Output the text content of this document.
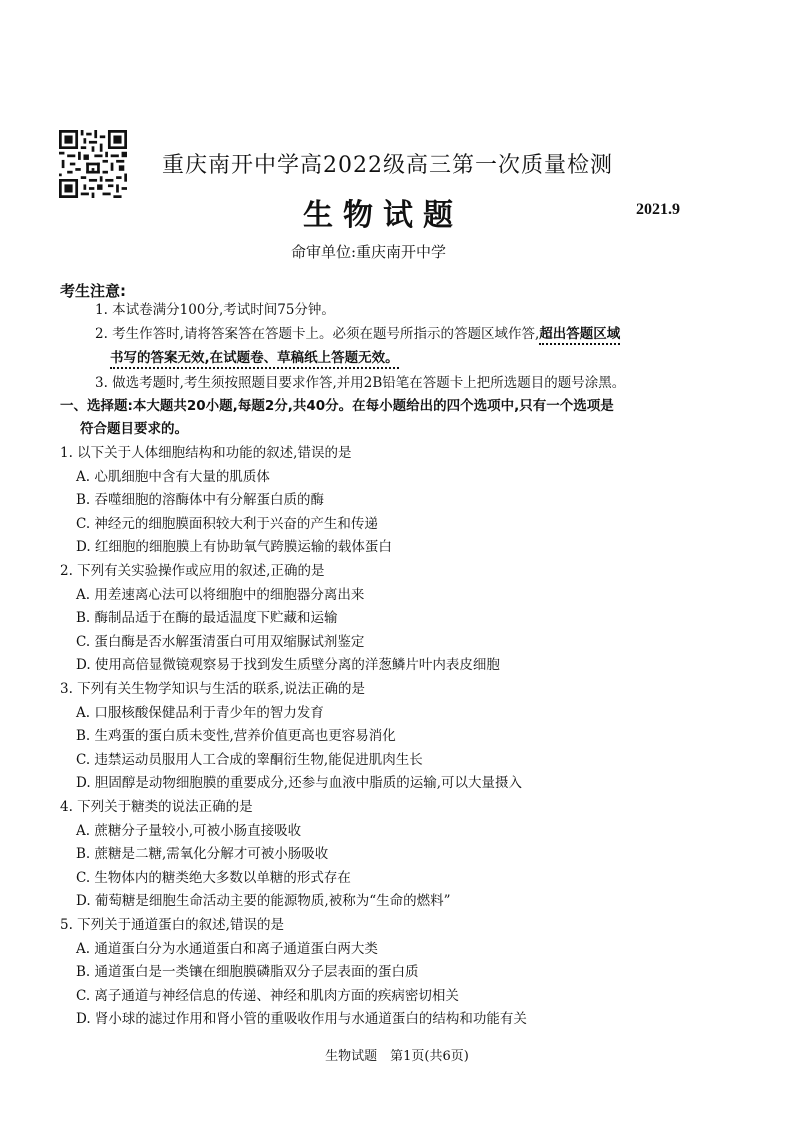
重庆南开中学高2022级高三第一次质量检测
生物试题	2021.9
命审单位:重庆南开中学
考生注意:
1. 本试卷满分100分,考试时间75分钟。
2. 考生作答时,请将答案答在答题卡上。必须在题号所指示的答题区域作答,超出答题区域
书写的答案无效,在试题卷、草稿纸上答题无效。
3. 做选考题时,考生须按照题目要求作答,并用2B铅笔在答题卡上把所选题目的题号涂黑。
一、选择题:本大题共20小题,每题2分,共40分。在每小题给出的四个选项中,只有一个选项是
符合题目要求的。
1. 以下关于人体细胞结构和功能的叙述,错误的是
A. 心肌细胞中含有大量的肌质体
B. 吞噬细胞的溶酶体中有分解蛋白质的酶
C. 神经元的细胞膜面积较大利于兴奋的产生和传递
D. 红细胞的细胞膜上有协助氧气跨膜运输的载体蛋白
2. 下列有关实验操作或应用的叙述,正确的是
A. 用差速离心法可以将细胞中的细胞器分离出来
B. 酶制品适于在酶的最适温度下贮藏和运输
C. 蛋白酶是否水解蛋清蛋白可用双缩脲试剂鉴定
D. 使用高倍显微镜观察易于找到发生质壁分离的洋葱鳞片叶内表皮细胞
3. 下列有关生物学知识与生活的联系,说法正确的是
A. 口服核酸保健品利于青少年的智力发育
B. 生鸡蛋的蛋白质未变性,营养价值更高也更容易消化
C. 违禁运动员服用人工合成的睾酮衍生物,能促进肌肉生长
D. 胆固醇是动物细胞膜的重要成分,还参与血液中脂质的运输,可以大量摄入
4. 下列关于糖类的说法正确的是
A. 蔗糖分子量较小,可被小肠直接吸收
B. 蔗糖是二糖,需氧化分解才可被小肠吸收
C. 生物体内的糖类绝大多数以单糖的形式存在
D. 葡萄糖是细胞生命活动主要的能源物质,被称为“生命的燃料”
5. 下列关于通道蛋白的叙述,错误的是
A. 通道蛋白分为水通道蛋白和离子通道蛋白两大类
B. 通道蛋白是一类镶在细胞膜磷脂双分子层表面的蛋白质
C. 离子通道与神经信息的传递、神经和肌肉方面的疾病密切相关
D. 肾小球的滤过作用和肾小管的重吸收作用与水通道蛋白的结构和功能有关
生物试题　第1页(共6页)
